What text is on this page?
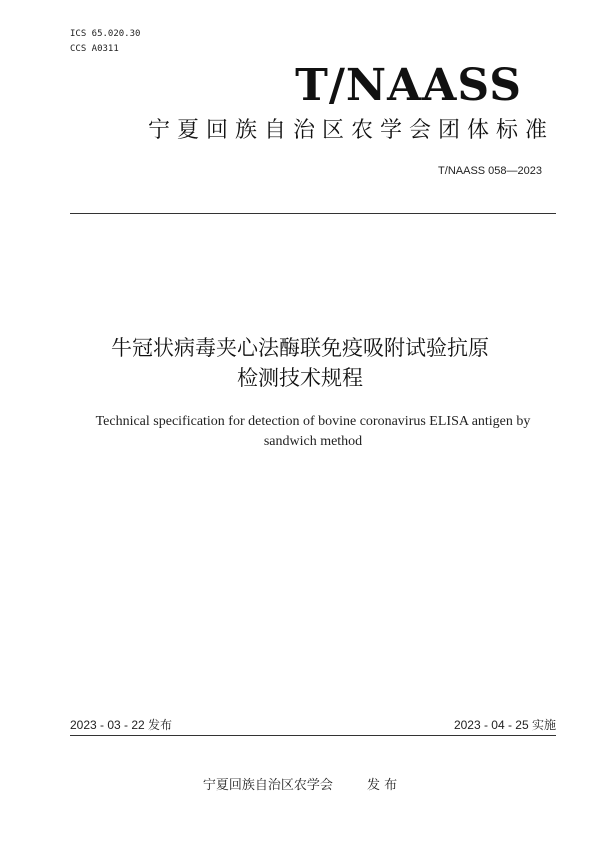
ICS 65.020.30
CCS A0311
T/NAASS
宁夏回族自治区农学会团体标准
T/NAASS 058—2023
牛冠状病毒夹心法酶联免疫吸附试验抗原
检测技术规程
Technical specification for detection of bovine coronavirus ELISA antigen by sandwich method
2023 - 03 - 22 发布	2023 - 04 - 25 实施
宁夏回族自治区农学会	发 布
